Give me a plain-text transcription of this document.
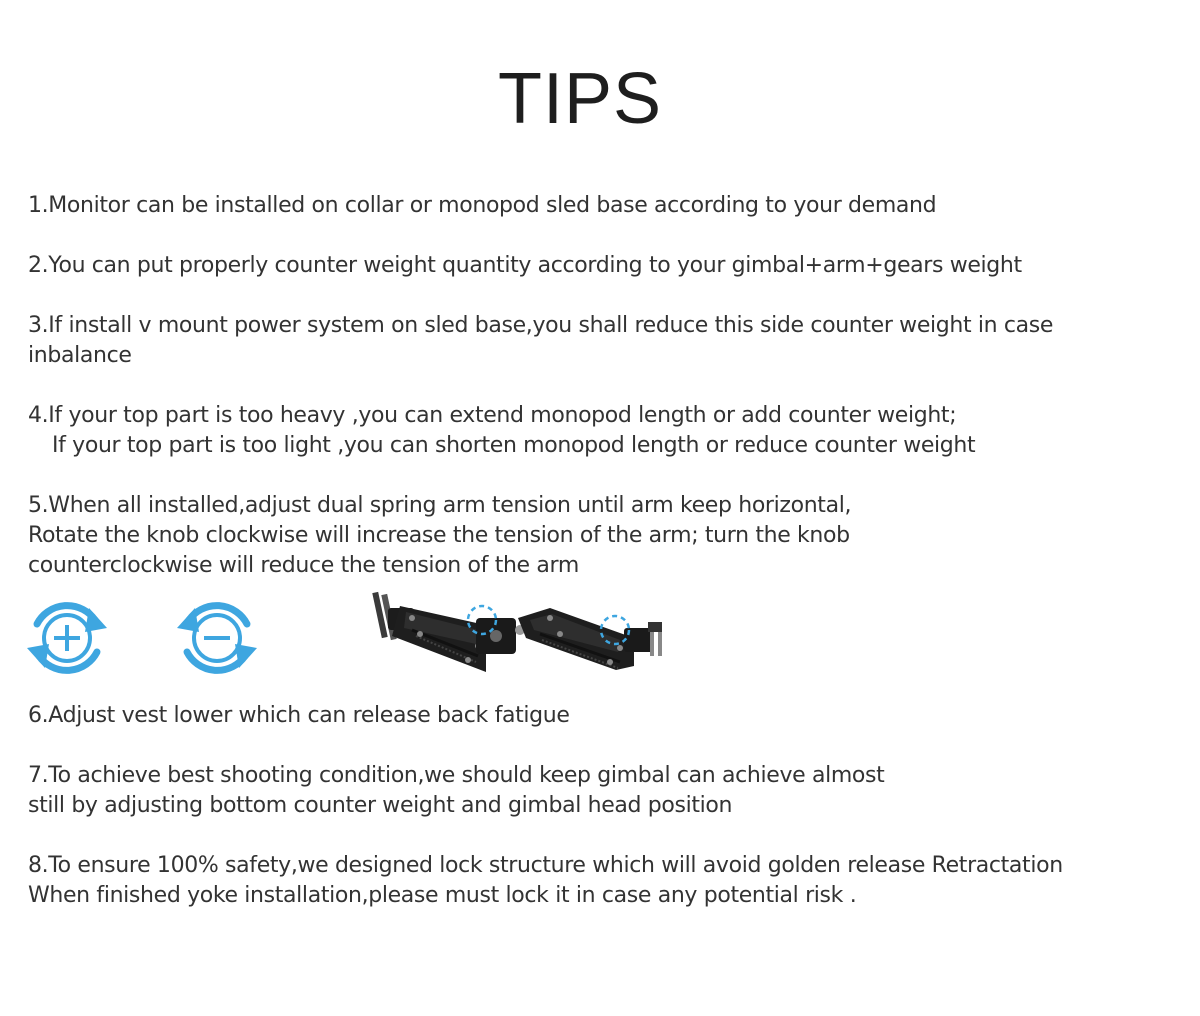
TIPS

1.Monitor can be installed on collar or monopod sled base according to your demand

2.You can put properly counter weight quantity according to your gimbal+arm+gears weight

3.If install v mount power system on sled base,you shall reduce this side counter weight in case
inbalance

4.If your top part is too heavy ,you can extend monopod length or add counter weight;
If your top part is too light ,you can shorten monopod length or reduce counter weight

5.When all installed,adjust dual spring arm tension until arm keep horizontal,
Rotate the knob clockwise will increase the tension of the arm; turn the knob
counterclockwise will reduce the tension of the arm

6.Adjust vest lower which can release back fatigue

7.To achieve best shooting condition,we should keep gimbal can achieve almost
still by adjusting bottom counter weight and gimbal head position

8.To ensure 100% safety,we designed lock structure which will avoid golden release Retractation
When finished yoke installation,please must lock it in case any potential risk .
